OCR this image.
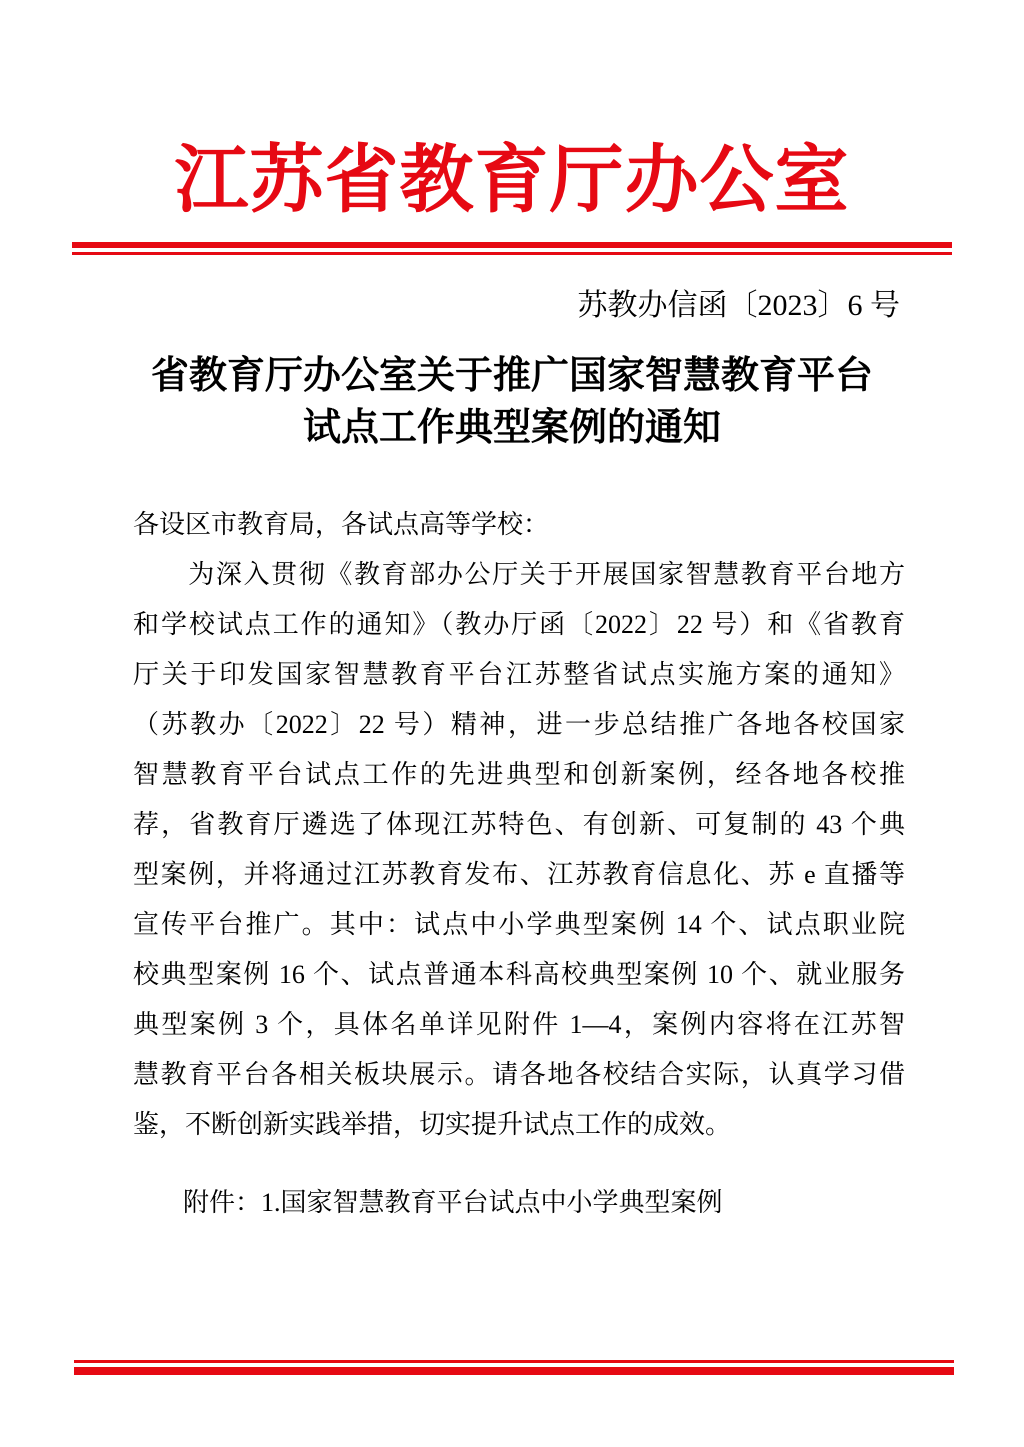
江苏省教育厅办公室
苏教办信函〔2023〕6 号
省教育厅办公室关于推广国家智慧教育平台
试点工作典型案例的通知
各设区市教育局，各试点高等学校：
　　为深入贯彻《教育部办公厅关于开展国家智慧教育平台地方
和学校试点工作的通知》（教办厅函〔2022〕22 号）和《省教育
厅关于印发国家智慧教育平台江苏整省试点实施方案的通知》
（苏教办〔2022〕22 号）精神，进一步总结推广各地各校国家
智慧教育平台试点工作的先进典型和创新案例，经各地各校推
荐，省教育厅遴选了体现江苏特色、有创新、可复制的 43 个典
型案例，并将通过江苏教育发布、江苏教育信息化、苏 e 直播等
宣传平台推广。其中：试点中小学典型案例 14 个、试点职业院
校典型案例 16 个、试点普通本科高校典型案例 10 个、就业服务
典型案例 3 个，具体名单详见附件 1—4，案例内容将在江苏智
慧教育平台各相关板块展示。请各地各校结合实际，认真学习借
鉴，不断创新实践举措，切实提升试点工作的成效。
附件：1.国家智慧教育平台试点中小学典型案例
